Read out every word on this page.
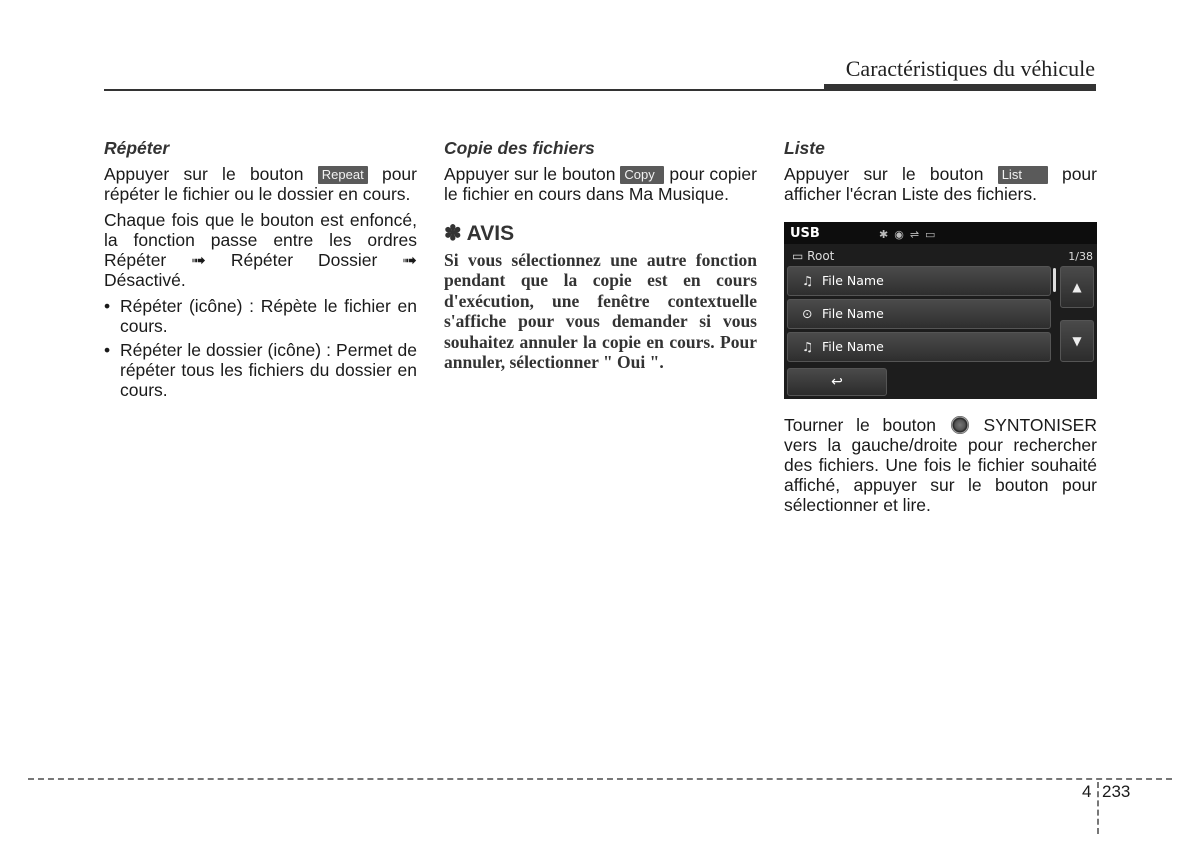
Caractéristiques du véhicule
Répéter

Appuyer sur le bouton Repeat pour répéter le fichier ou le dossier en cours.

Chaque fois que le bouton est enfoncé, la fonction passe entre les ordres Répéter ➟ Répéter Dossier ➟ Désactivé.

• Répéter (icône) : Répète le fichier en cours.
• Répéter le dossier (icône) : Permet de répéter tous les fichiers du dossier en cours.
Copie des fichiers

Appuyer sur le bouton Copy pour copier le fichier en cours dans Ma Musique.

✽ AVIS

Si vous sélectionnez une autre fonction pendant que la copie est en cours d'exécution, une fenêtre contextuelle s'affiche pour vous demander si vous souhaitez annuler la copie en cours. Pour annuler, sélectionner " Oui ".

Liste

Appuyer sur le bouton List pour afficher l'écran Liste des fichiers.

USB	✱◉⇌▭
▭ Root	1/38
♫ File Name
⊙ File Name
♫ File Name
▲
▼
↩

Tourner le bouton  SYNTONISER vers la gauche/droite pour rechercher des fichiers. Une fois le fichier souhaité affiché, appuyer sur le bouton pour sélectionner et lire.

4 233
